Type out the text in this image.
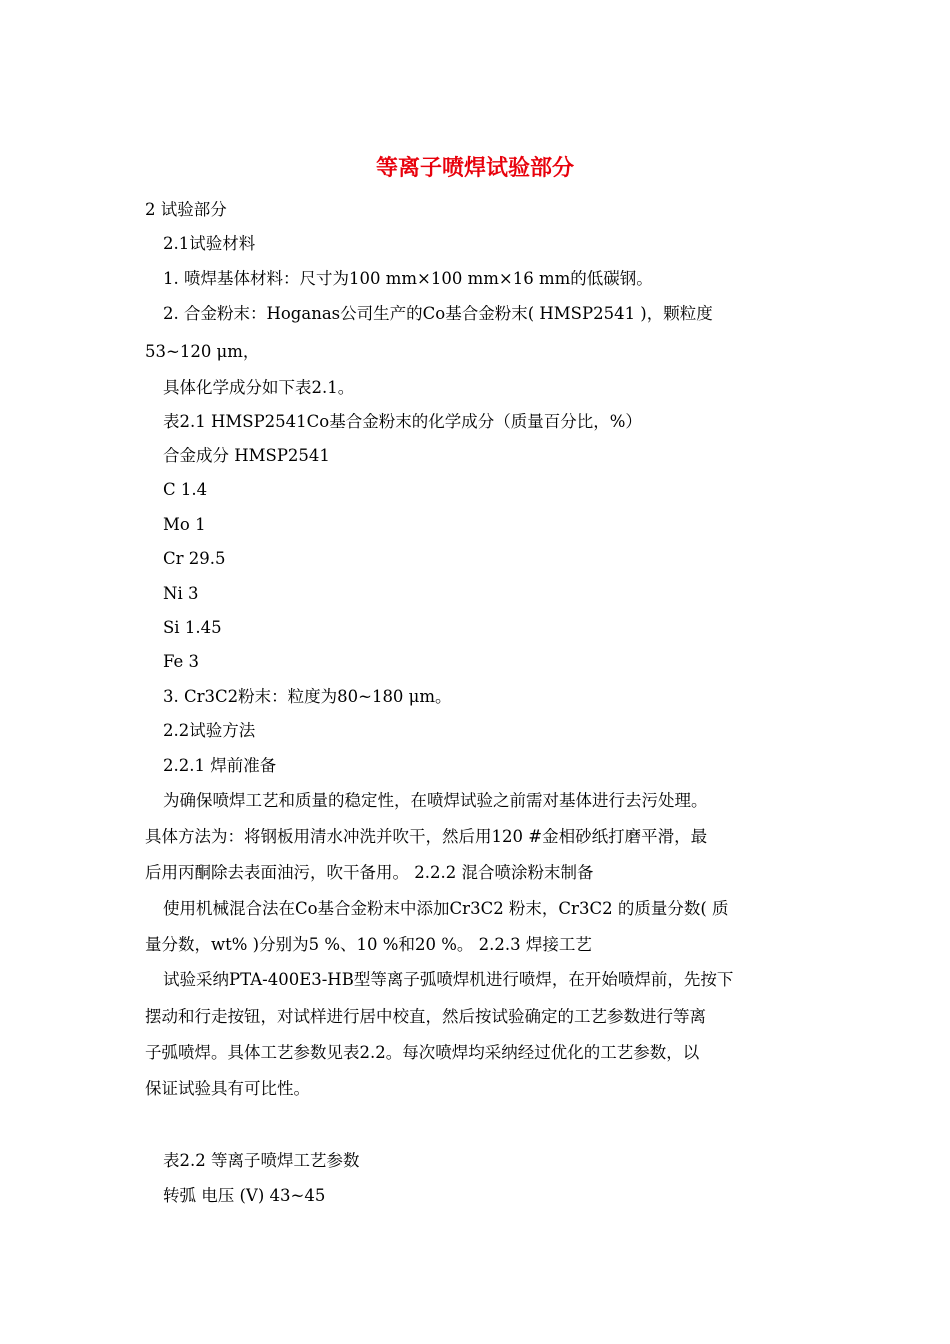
等离子喷焊试验部分
2 试验部分
2.1试验材料
1. 喷焊基体材料：尺寸为100 mm×100 mm×16 mm的低碳钢。
2. 合金粉末：Hoganas公司生产的Co基合金粉末( HMSP2541 )，颗粒度
53~120 μm，
具体化学成分如下表2.1。
表2.1 HMSP2541Co基合金粉末的化学成分（质量百分比，%）
合金成分 HMSP2541
C 1.4
Mo 1
Cr 29.5
Ni 3
Si 1.45
Fe 3
3. Cr3C2粉末：粒度为80~180 μm。
2.2试验方法
2.2.1 焊前准备
为确保喷焊工艺和质量的稳定性，在喷焊试验之前需对基体进行去污处理。
具体方法为：将钢板用清水冲洗并吹干，然后用120 #金相砂纸打磨平滑，最
后用丙酮除去表面油污，吹干备用。 2.2.2 混合喷涂粉末制备
使用机械混合法在Co基合金粉末中添加Cr3C2 粉末，Cr3C2 的质量分数( 质
量分数，wt% )分别为5 %、10 %和20 %。 2.2.3 焊接工艺
试验采纳PTA-400E3-HB型等离子弧喷焊机进行喷焊，在开始喷焊前，先按下
摆动和行走按钮，对试样进行居中校直，然后按试验确定的工艺参数进行等离
子弧喷焊。具体工艺参数见表2.2。每次喷焊均采纳经过优化的工艺参数，以
保证试验具有可比性。
表2.2 等离子喷焊工艺参数
转弧 电压 (V) 43~45
